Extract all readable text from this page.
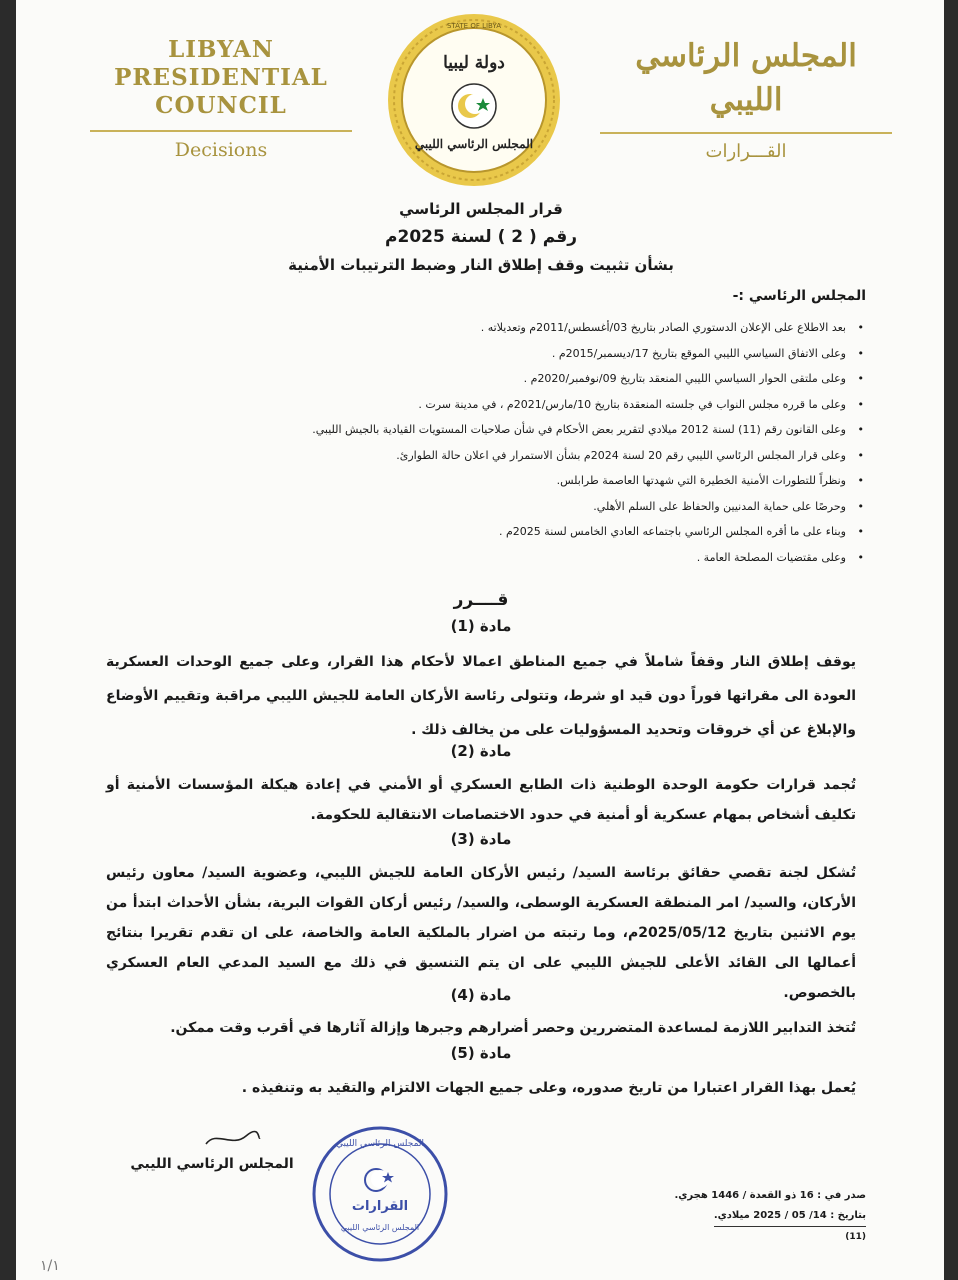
LIBYAN PRESIDENTIAL
COUNCIL
Decisions
STATE OF LIBYA
دولة ليبيا
المجلس الرئاسي الليبي
المجلس الرئاسي الليبي
القـــرارات
قرار المجلس الرئاسي
رقم ( 2 ) لسنة 2025م
بشأن تثبيت وقف إطلاق النار وضبط الترتيبات الأمنية
المجلس الرئاسي :-
• بعد الاطلاع على الإعلان الدستوري الصادر بتاريخ 03/أغسطس/2011م وتعديلاته .
• وعلى الاتفاق السياسي الليبي الموقع بتاريخ 17/ديسمبر/2015م .
• وعلى ملتقى الحوار السياسي الليبي المنعقد بتاريخ 09/نوفمبر/2020م .
• وعلى ما قرره مجلس النواب في جلسته المنعقدة بتاريخ 10/مارس/2021م ، في مدينة سرت .
• وعلى القانون رقم (11) لسنة 2012 ميلادي لتقرير بعض الأحكام في شأن صلاحيات المستويات القيادية بالجيش الليبي.
• وعلى قرار المجلس الرئاسي الليبي رقم 20 لسنة 2024م بشأن الاستمرار في اعلان حالة الطوارئ.
• ونظراً للتطورات الأمنية الخطيرة التي شهدتها العاصمة طرابلس.
• وحرصًا على حماية المدنيين والحفاظ على السلم الأهلي.
• وبناء على ما أقره المجلس الرئاسي باجتماعه العادي الخامس لسنة 2025م .
• وعلى مقتضيات المصلحة العامة .
قــــرر
مادة (1)
يوقف إطلاق النار وقفاً شاملاً في جميع المناطق اعمالا لأحكام هذا القرار، وعلى جميع الوحدات العسكرية العودة الى مقراتها فوراً دون قيد او شرط، وتتولى رئاسة الأركان العامة للجيش الليبي مراقبة وتقييم الأوضاع والإبلاغ عن أي خروقات وتحديد المسؤوليات على من يخالف ذلك .
مادة (2)
تُجمد قرارات حكومة الوحدة الوطنية ذات الطابع العسكري أو الأمني في إعادة هيكلة المؤسسات الأمنية أو تكليف أشخاص بمهام عسكرية أو أمنية في حدود الاختصاصات الانتقالية للحكومة.
مادة (3)
تُشكل لجنة تقصي حقائق برئاسة السيد/ رئيس الأركان العامة للجيش الليبي، وعضوية السيد/ معاون رئيس الأركان، والسيد/ امر المنطقة العسكرية الوسطى، والسيد/ رئيس أركان القوات البرية، بشأن الأحداث ابتدأ من يوم الاثنين بتاريخ 2025/05/12م، وما رتبته من اضرار بالملكية العامة والخاصة، على ان تقدم تقريرا بنتائج أعمالها الى القائد الأعلى للجيش الليبي على ان يتم التنسيق في ذلك مع السيد المدعي العام العسكري بالخصوص.
مادة (4)
تُتخذ التدابير اللازمة لمساعدة المتضررين وحصر أضرارهم وجبرها وإزالة آثارها في أقرب وقت ممكن.
مادة (5)
يُعمل بهذا القرار اعتبارا من تاريخ صدوره، وعلى جميع الجهات الالتزام والتقيد به وتنفيذه .
المجلس الرئاسي الليبي
المجلس الرئاسي الليبي
القرارات
المجلس الرئاسي الليبي
صدر في : 16 ذو القعدة / 1446 هجري.
بتاريخ : 14/ 05 / 2025 ميلادي.
(11)
١/١
